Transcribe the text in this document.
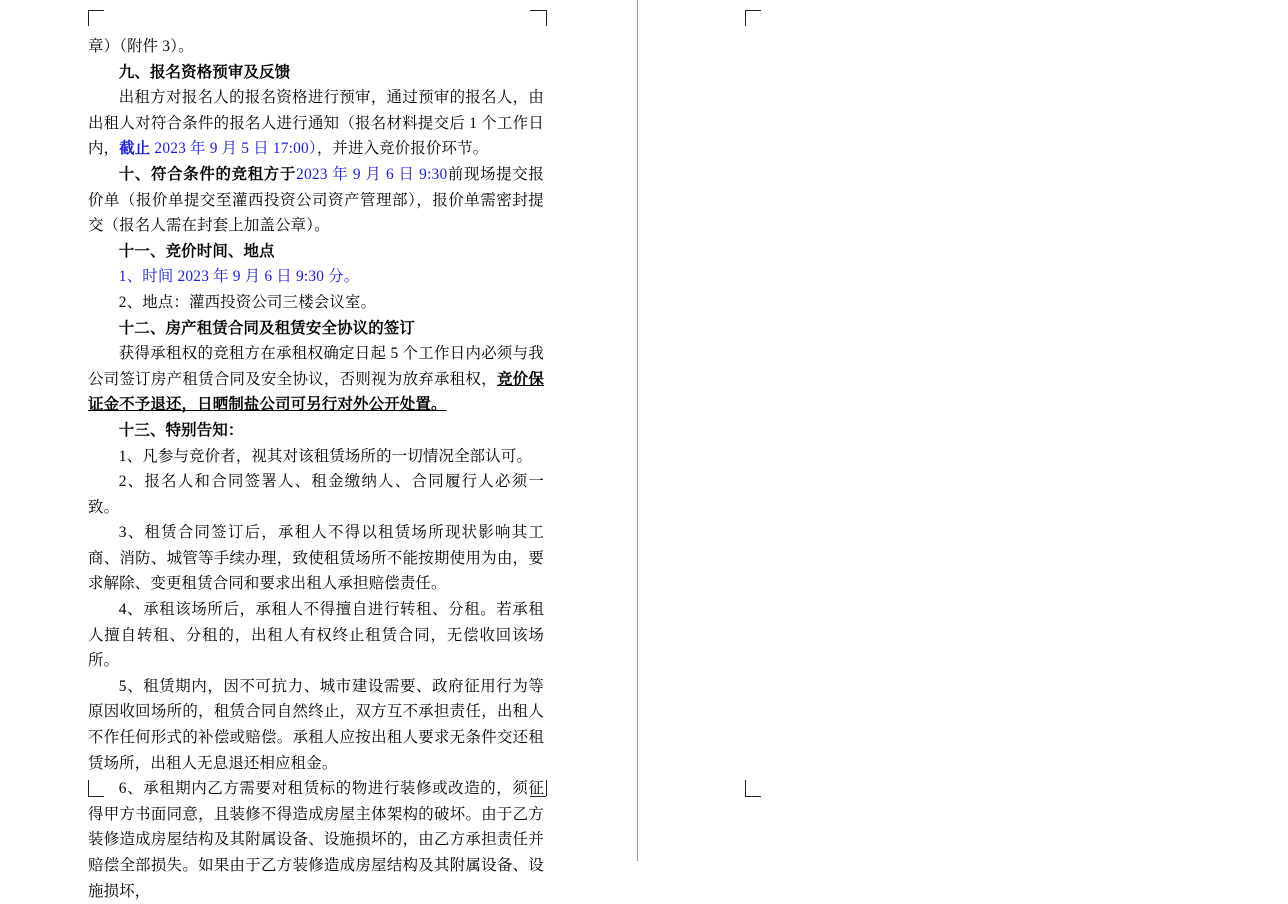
章）（附件 3）。

九、报名资格预审及反馈

出租方对报名人的报名资格进行预审，通过预审的报名人，由出租人对符合条件的报名人进行通知（报名材料提交后 1 个工作日内，截止 2023 年 9 月 5 日 17:00），并进入竞价报价环节。

十、符合条件的竞租方于2023 年 9 月 6 日 9:30前现场提交报价单（报价单提交至灌西投资公司资产管理部），报价单需密封提交（报名人需在封套上加盖公章）。

十一、竞价时间、地点

1、时间 2023 年 9 月 6 日 9:30 分。

2、地点：灌西投资公司三楼会议室。

十二、房产租赁合同及租赁安全协议的签订

获得承租权的竞租方在承租权确定日起 5 个工作日内必须与我公司签订房产租赁合同及安全协议，否则视为放弃承租权，竞价保证金不予退还，日晒制盐公司可另行对外公开处置。

十三、特别告知：

1、凡参与竞价者，视其对该租赁场所的一切情况全部认可。

2、报名人和合同签署人、租金缴纳人、合同履行人必须一致。

3、租赁合同签订后，承租人不得以租赁场所现状影响其工商、消防、城管等手续办理，致使租赁场所不能按期使用为由，要求解除、变更租赁合同和要求出租人承担赔偿责任。

4、承租该场所后，承租人不得擅自进行转租、分租。若承租人擅自转租、分租的，出租人有权终止租赁合同，无偿收回该场所。

5、租赁期内，因不可抗力、城市建设需要、政府征用行为等原因收回场所的，租赁合同自然终止，双方互不承担责任，出租人不作任何形式的补偿或赔偿。承租人应按出租人要求无条件交还租赁场所，出租人无息退还相应租金。

6、承租期内乙方需要对租赁标的物进行装修或改造的，须征得甲方书面同意，且装修不得造成房屋主体架构的破坏。由于乙方装修造成房屋结构及其附属设备、设施损坏的，由乙方承担责任并赔偿全部损失。如果由于乙方装修造成房屋结构及其附属设备、设施损坏，
